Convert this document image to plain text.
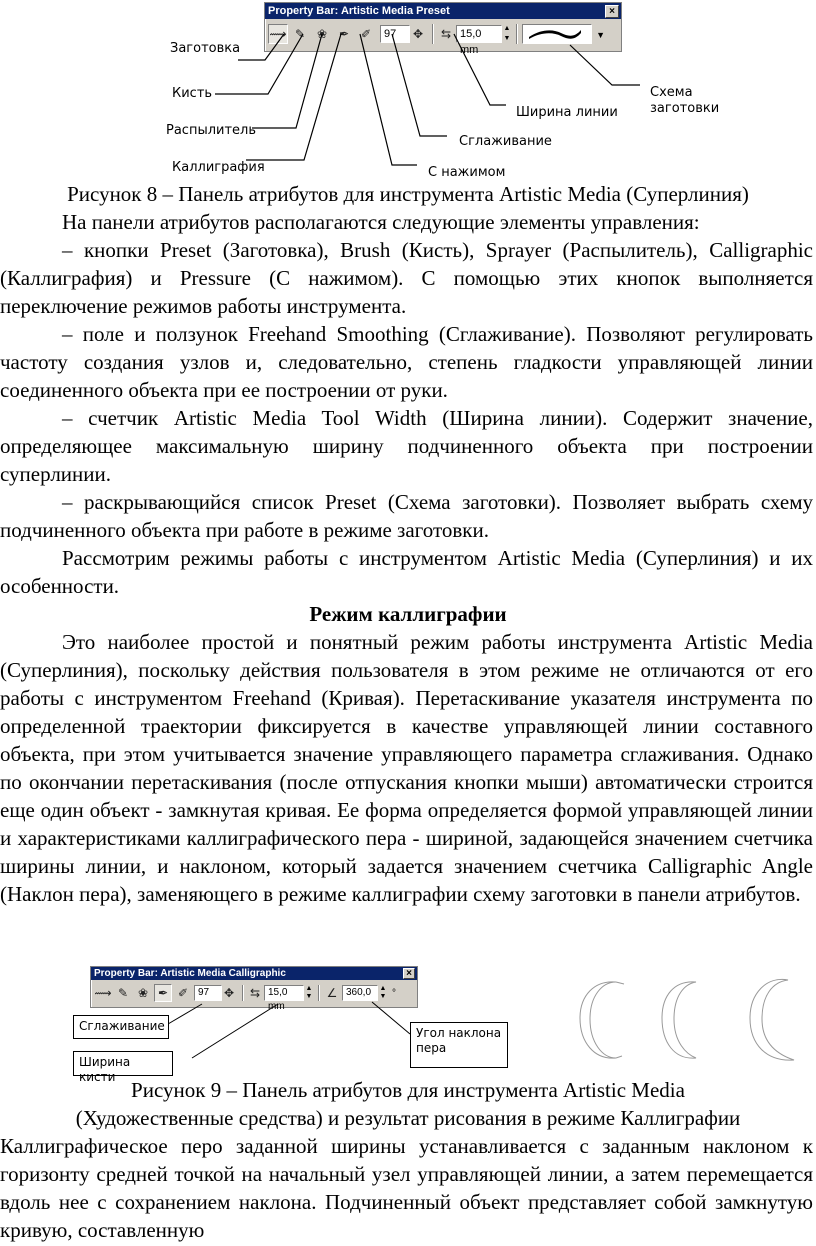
Property Bar: Artistic Media Preset	×
⟿ ✎ ❀ ✒ ✐	97	✥ ⇆ 15,0 mm
▲
▼	▼
Заготовка
Кисть
Распылитель
Каллиграфия
Ширина линии
Сглаживание
С нажимом
Схема
заготовки
Рисунок 8 – Панель атрибутов для инструмента Artistic Media (Суперлиния)
На панели атрибутов располагаются следующие элементы управления:
– кнопки Preset (Заготовка), Brush (Кисть), Sprayer (Распылитель), Calligraphic (Каллиграфия) и Pressure (С нажимом). С помощью этих кнопок выполняется переключение режимов работы инструмента.
– поле и ползунок Freehand Smoothing (Сглаживание). Позволяют регулировать частоту создания узлов и, следовательно, степень гладкости управляющей линии соединенного объекта при ее построении от руки.
– счетчик Artistic Media Tool Width (Ширина линии). Содержит значение, определяющее максимальную ширину подчиненного объекта при построении суперлинии.
– раскрывающийся список Preset (Схема заготовки). Позволяет выбрать схему подчиненного объекта при работе в режиме заготовки.
Рассмотрим режимы работы с инструментом Artistic Media (Суперлиния) и их особенности.
Режим каллиграфии
Это наиболее простой и понятный режим работы инструмента Artistic Media (Суперлиния), поскольку действия пользователя в этом режиме не отличаются от его работы с инструментом Freehand (Кривая). Перетаскивание указателя инструмента по определенной траектории фиксируется в качестве управляющей линии составного объекта, при этом учитывается значение управляющего параметра сглаживания. Однако по окончании перетаскивания (после отпускания кнопки мыши) автоматически строится еще один объект - замкнутая кривая. Ее форма определяется формой управляющей линии и характеристиками каллиграфического пера - шириной, задающейся значением счетчика ширины линии, и наклоном, который задается значением счетчика Calligraphic Angle (Наклон пера), заменяющего в режиме каллиграфии схему заготовки в панели атрибутов.
Property Bar: Artistic Media Calligraphic	×
⟿ ✎ ❀ ✒ ✐ 97	✥ ⇆ 15,0 mm
▲
▼ ∠ 360,0	▲
▼ °
Сглаживание
Ширина кисти
Угол наклона
пера
Рисунок 9 – Панель атрибутов для инструмента Artistic Media
(Художественные средства) и результат рисования в режиме Каллиграфии
Каллиграфическое перо заданной ширины устанавливается с заданным наклоном к горизонту средней точкой на начальный узел управляющей линии, а затем перемещается вдоль нее с сохранением наклона. Подчиненный объект представляет собой замкнутую кривую, составленную
